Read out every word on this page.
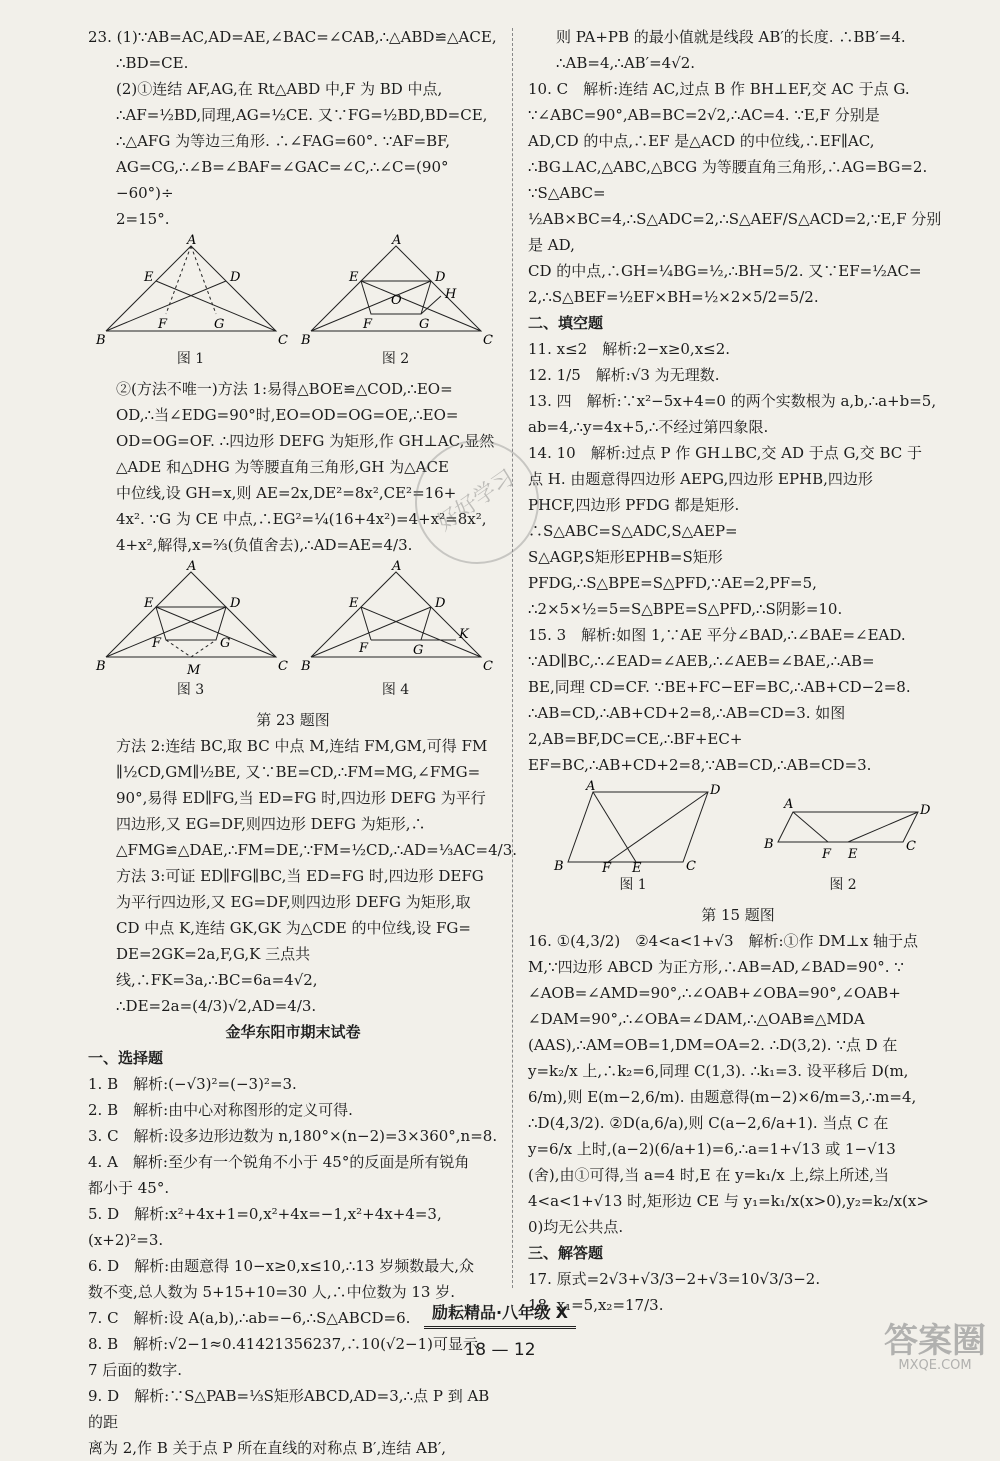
23. (1)∵AB=AC,AD=AE,∠BAC=∠CAB,∴△ABD≌△ACE,

∴BD=CE.

(2)①连结 AF,AG,在 Rt△ABD 中,F 为 BD 中点,

∴AF=½BD,同理,AG=½CE. 又∵FG=½BD,BD=CE,

∴△AFG 为等边三角形. ∴∠FAG=60°. ∵AF=BF,

AG=CG,∴∠B=∠BAF=∠GAC=∠C,∴∠C=(90°−60°)÷

2=15°.

A
E	D
F	G
B	C
图 1
A
E	D
O	H
F	G
B	C
图 2

②(方法不唯一)方法 1:易得△BOE≌△COD,∴EO=

OD,∴当∠EDG=90°时,EO=OD=OG=OE,∴EO=

OD=OG=OF. ∴四边形 DEFG 为矩形,作 GH⊥AC,显然

△ADE 和△DHG 为等腰直角三角形,GH 为△ACE

中位线,设 GH=x,则 AE=2x,DE²=8x²,CE²=16+

4x². ∵G 为 CE 中点,∴EG²=¼(16+4x²)=4+x²=8x²,

4+x²,解得,x=⅔(负值舍去),∴AD=AE=4/3.

A
E	D
F	G
M
B	C
图 3
A
E	D
F	G
K
B	C
图 4
第 23 题图

方法 2:连结 BC,取 BC 中点 M,连结 FM,GM,可得 FM

∥½CD,GM∥½BE, 又∵BE=CD,∴FM=MG,∠FMG=

90°,易得 ED∥FG,当 ED=FG 时,四边形 DEFG 为平行

四边形,又 EG=DF,则四边形 DEFG 为矩形,∴

△FMG≌△DAE,∴FM=DE,∵FM=½CD,∴AD=⅓AC=4/3.

方法 3:可证 ED∥FG∥BC,当 ED=FG 时,四边形 DEFG

为平行四边形,又 EG=DF,则四边形 DEFG 为矩形,取

CD 中点 K,连结 GK,GK 为△CDE 的中位线,设 FG=

DE=2GK=2a,F,G,K 三点共线,∴FK=3a,∴BC=6a=4√2,

∴DE=2a=(4/3)√2,AD=4/3.

金华东阳市期末试卷
一、选择题

1. B　解析:(−√3)²=(−3)²=3.

2. B　解析:由中心对称图形的定义可得.

3. C　解析:设多边形边数为 n,180°×(n−2)=3×360°,n=8.

4. A　解析:至少有一个锐角不小于 45°的反面是所有锐角

都小于 45°.

5. D　解析:x²+4x+1=0,x²+4x=−1,x²+4x+4=3,(x+2)²=3.

6. D　解析:由题意得 10−x≥0,x≤10,∴13 岁频数最大,众

数不变,总人数为 5+15+10=30 人,∴中位数为 13 岁.

7. C　解析:设 A(a,b),∴ab=−6,∴S△ABCD=6.

8. B　解析:√2−1≈0.41421356237,∴10(√2−1)可显示

7 后面的数字.

9. D　解析:∵S△PAB=⅓S矩形ABCD,AD=3,∴点 P 到 AB 的距

离为 2,作 B 关于点 P 所在直线的对称点 B′,连结 AB′,

则 PA+PB 的最小值就是线段 AB′的长度. ∴BB′=4.

∴AB=4,∴AB′=4√2.

10. C　解析:连结 AC,过点 B 作 BH⊥EF,交 AC 于点 G.

∵∠ABC=90°,AB=BC=2√2,∴AC=4. ∵E,F 分别是

AD,CD 的中点,∴EF 是△ACD 的中位线,∴EF∥AC,

∴BG⊥AC,△ABC,△BCG 为等腰直角三角形,∴AG=BG=2. ∵S△ABC=

½AB×BC=4,∴S△ADC=2,∴S△AEF/S△ACD=2,∵E,F 分别是 AD,

CD 的中点,∴GH=¼BG=½,∴BH=5/2. 又∵EF=½AC=

2,∴S△BEF=½EF×BH=½×2×5/2=5/2.

二、填空题

11. x≤2　解析:2−x≥0,x≤2.

12. 1/5　解析:√3 为无理数.

13. 四　解析:∵x²−5x+4=0 的两个实数根为 a,b,∴a+b=5,

ab=4,∴y=4x+5,∴不经过第四象限.

14. 10　解析:过点 P 作 GH⊥BC,交 AD 于点 G,交 BC 于

点 H. 由题意得四边形 AEPG,四边形 EPHB,四边形

PHCF,四边形 PFDG 都是矩形. ∴S△ABC=S△ADC,S△AEP=

S△AGP,S矩形EPHB=S矩形PFDG,∴S△BPE=S△PFD,∵AE=2,PF=5,

∴2×5×½=5=S△BPE=S△PFD,∴S阴影=10.

15. 3　解析:如图 1,∵AE 平分∠BAD,∴∠BAE=∠EAD.

∵AD∥BC,∴∠EAD=∠AEB,∴∠AEB=∠BAE,∴AB=

BE,同理 CD=CF. ∵BE+FC−EF=BC,∴AB+CD−2=8.

∴AB=CD,∴AB+CD+2=8,∴AB=CD=3. 如图 2,AB=BF,DC=CE,∴BF+EC+

EF=BC,∴AB+CD+2=8,∵AB=CD,∴AB=CD=3.

A	D
B	F E	C
图 1
A	D
B
F E
C
图 2
第 15 题图

16. ①(4,3/2)　②4<a<1+√3　解析:①作 DM⊥x 轴于点

M,∵四边形 ABCD 为正方形,∴AB=AD,∠BAD=90°. ∵

∠AOB=∠AMD=90°,∴∠OAB+∠OBA=90°,∠OAB+

∠DAM=90°,∴∠OBA=∠DAM,∴△OAB≌△MDA

(AAS),∴AM=OB=1,DM=OA=2. ∴D(3,2). ∵点 D 在

y=k₂/x 上,∴k₂=6,同理 C(1,3). ∴k₁=3. 设平移后 D(m,

6/m),则 E(m−2,6/m). 由题意得(m−2)×6/m=3,∴m=4,

∴D(4,3/2). ②D(a,6/a),则 C(a−2,6/a+1). 当点 C 在

y=6/x 上时,(a−2)(6/a+1)=6,∴a=1+√13 或 1−√13

(舍),由①可得,当 a=4 时,E 在 y=k₁/x 上,综上所述,当

4<a<1+√13 时,矩形边 CE 与 y₁=k₁/x(x>0),y₂=k₂/x(x>

0)均无公共点.

三、解答题

17. 原式=2√3+√3/3−2+√3=10√3/3−2.

18. x₁=5,x₂=17/3.

好好学习
励耘精品·八年级 X
18 — 12	答案圈
MXQE.COM
